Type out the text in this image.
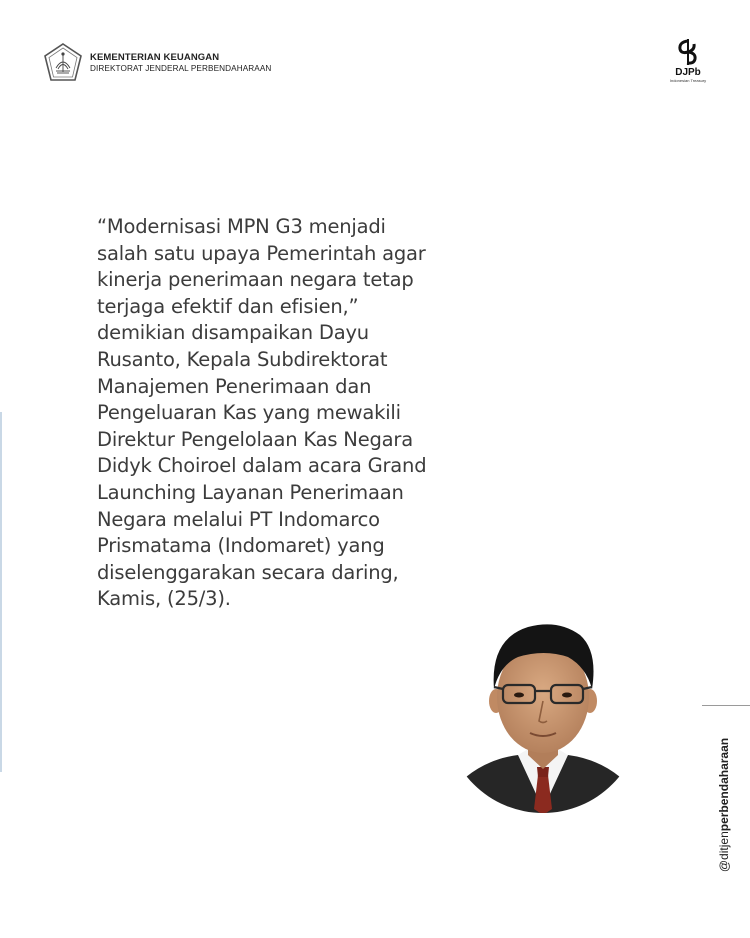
KEMENTERIAN KEUANGAN
DIREKTORAT JENDERAL PERBENDAHARAAN	DJPb
Indonesian Treasury

“Modernisasi MPN G3 menjadi
salah satu upaya Pemerintah agar
kinerja penerimaan negara tetap
terjaga efektif dan efisien,”
demikian disampaikan Dayu
Rusanto, Kepala Subdirektorat
Manajemen Penerimaan dan
Pengeluaran Kas yang mewakili
Direktur Pengelolaan Kas Negara
Didyk Choiroel dalam acara Grand
Launching Layanan Penerimaan
Negara melalui PT Indomarco
Prismatama (Indomaret) yang
diselenggarakan secara daring,
Kamis, (25/3).

@ditjenperbendaharaan
